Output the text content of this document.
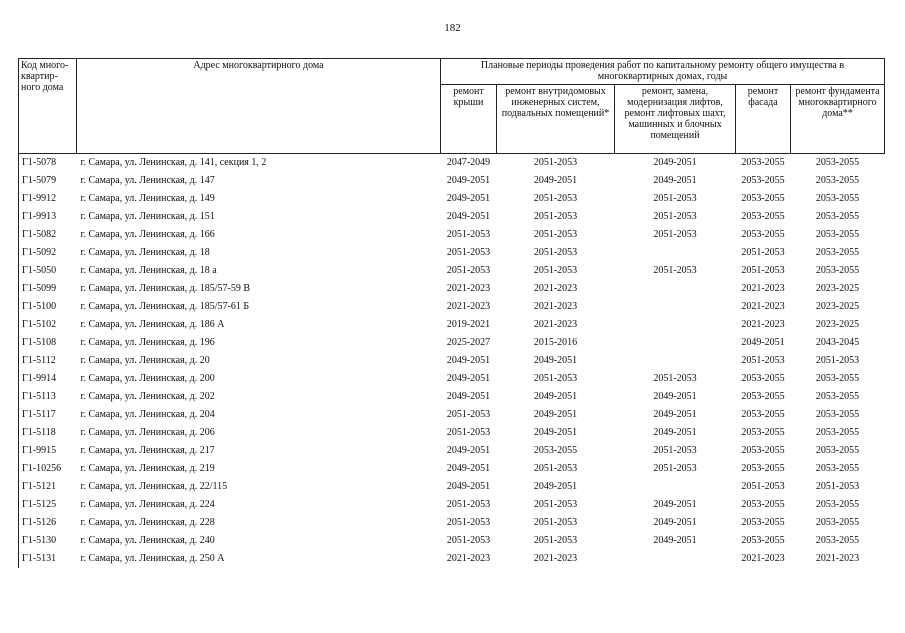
182
Код много-квартир-ного дома	Адрес многоквартирного дома	Плановые периоды проведения работ по капитальному ремонту общего имущества в многоквартирных домах, годы				
		ремонт крыши	ремонт внутридомовых инженерных систем, подвальных помещений*	ремонт, замена, модернизация лифтов, ремонт лифтовых шахт, машинных и блочных помещений	ремонт фасада	ремонт фундамента многоквартирного дома**
Г1-5078	г. Самара, ул. Ленинская, д. 141, секция 1, 2	2047-2049	2051-2053	2049-2051	2053-2055	2053-2055
Г1-5079	г. Самара, ул. Ленинская, д. 147	2049-2051	2049-2051	2049-2051	2053-2055	2053-2055
Г1-9912	г. Самара, ул. Ленинская, д. 149	2049-2051	2051-2053	2051-2053	2053-2055	2053-2055
Г1-9913	г. Самара, ул. Ленинская, д. 151	2049-2051	2051-2053	2051-2053	2053-2055	2053-2055
Г1-5082	г. Самара, ул. Ленинская, д. 166	2051-2053	2051-2053	2051-2053	2053-2055	2053-2055
Г1-5092	г. Самара, ул. Ленинская, д. 18	2051-2053	2051-2053		2051-2053	2053-2055
Г1-5050	г. Самара, ул. Ленинская, д. 18 а	2051-2053	2051-2053	2051-2053	2051-2053	2053-2055
Г1-5099	г. Самара, ул. Ленинская, д. 185/57-59 В	2021-2023	2021-2023		2021-2023	2023-2025
Г1-5100	г. Самара, ул. Ленинская, д. 185/57-61 Б	2021-2023	2021-2023		2021-2023	2023-2025
Г1-5102	г. Самара, ул. Ленинская, д. 186 А	2019-2021	2021-2023		2021-2023	2023-2025
Г1-5108	г. Самара, ул. Ленинская, д. 196	2025-2027	2015-2016		2049-2051	2043-2045
Г1-5112	г. Самара, ул. Ленинская, д. 20	2049-2051	2049-2051		2051-2053	2051-2053
Г1-9914	г. Самара, ул. Ленинская, д. 200	2049-2051	2051-2053	2051-2053	2053-2055	2053-2055
Г1-5113	г. Самара, ул. Ленинская, д. 202	2049-2051	2049-2051	2049-2051	2053-2055	2053-2055
Г1-5117	г. Самара, ул. Ленинская, д. 204	2051-2053	2049-2051	2049-2051	2053-2055	2053-2055
Г1-5118	г. Самара, ул. Ленинская, д. 206	2051-2053	2049-2051	2049-2051	2053-2055	2053-2055
Г1-9915	г. Самара, ул. Ленинская, д. 217	2049-2051	2053-2055	2051-2053	2053-2055	2053-2055
Г1-10256	г. Самара, ул. Ленинская, д. 219	2049-2051	2051-2053	2051-2053	2053-2055	2053-2055
Г1-5121	г. Самара, ул. Ленинская, д. 22/115	2049-2051	2049-2051		2051-2053	2051-2053
Г1-5125	г. Самара, ул. Ленинская, д. 224	2051-2053	2051-2053	2049-2051	2053-2055	2053-2055
Г1-5126	г. Самара, ул. Ленинская, д. 228	2051-2053	2051-2053	2049-2051	2053-2055	2053-2055
Г1-5130	г. Самара, ул. Ленинская, д. 240	2051-2053	2051-2053	2049-2051	2053-2055	2053-2055
Г1-5131	г. Самара, ул. Ленинская, д. 250 А	2021-2023	2021-2023		2021-2023	2021-2023
